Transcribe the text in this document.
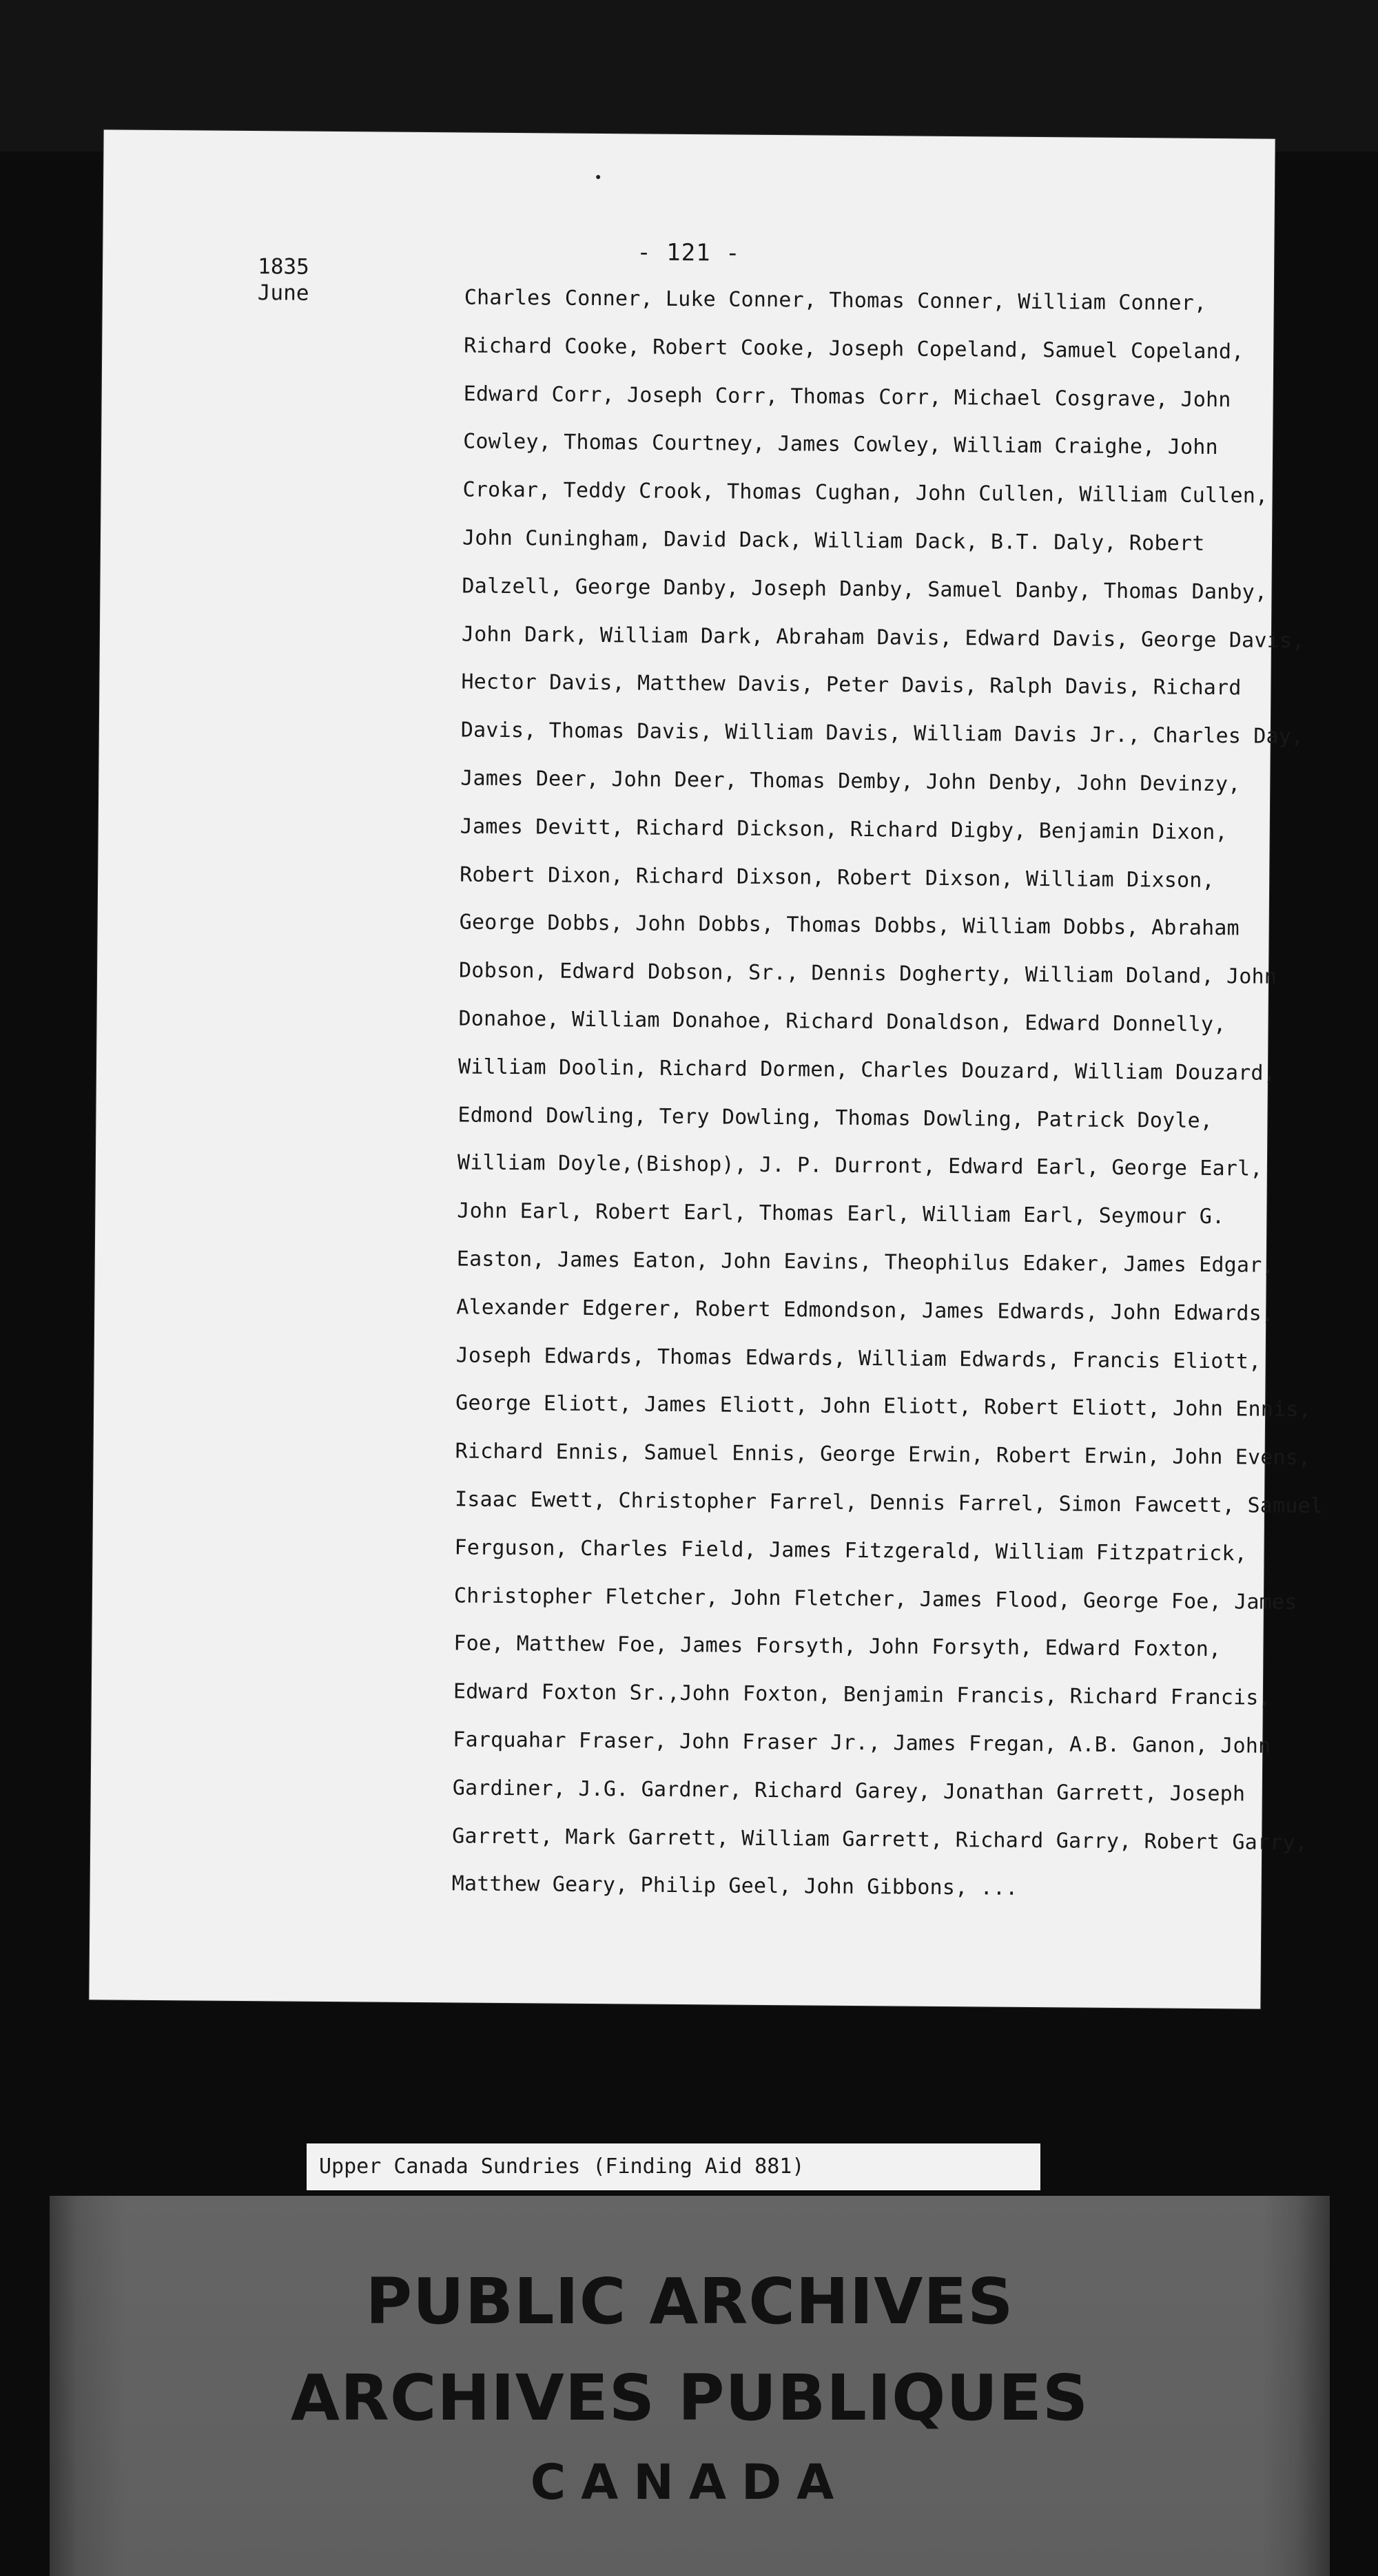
- 121 -
1835
June	Charles Conner, Luke Conner, Thomas Conner, William Conner,
Richard Cooke, Robert Cooke, Joseph Copeland, Samuel Copeland,
Edward Corr, Joseph Corr, Thomas Corr, Michael Cosgrave, John
Cowley, Thomas Courtney, James Cowley, William Craighe, John
Crokar, Teddy Crook, Thomas Cughan, John Cullen, William Cullen,
John Cuningham, David Dack, William Dack, B.T. Daly, Robert
Dalzell, George Danby, Joseph Danby, Samuel Danby, Thomas Danby,
John Dark, William Dark, Abraham Davis, Edward Davis, George Davis,
Hector Davis, Matthew Davis, Peter Davis, Ralph Davis, Richard
Davis, Thomas Davis, William Davis, William Davis Jr., Charles Day,
James Deer, John Deer, Thomas Demby, John Denby, John Devinzy,
James Devitt, Richard Dickson, Richard Digby, Benjamin Dixon,
Robert Dixon, Richard Dixson, Robert Dixson, William Dixson,
George Dobbs, John Dobbs, Thomas Dobbs, William Dobbs, Abraham
Dobson, Edward Dobson, Sr., Dennis Dogherty, William Doland, John
Donahoe, William Donahoe, Richard Donaldson, Edward Donnelly,
William Doolin, Richard Dormen, Charles Douzard, William Douzard,
Edmond Dowling, Tery Dowling, Thomas Dowling, Patrick Doyle,
William Doyle,(Bishop), J. P. Durront, Edward Earl, George Earl,
John Earl, Robert Earl, Thomas Earl, William Earl, Seymour G.
Easton, James Eaton, John Eavins, Theophilus Edaker, James Edgar,
Alexander Edgerer, Robert Edmondson, James Edwards, John Edwards,
Joseph Edwards, Thomas Edwards, William Edwards, Francis Eliott,
George Eliott, James Eliott, John Eliott, Robert Eliott, John Ennis,
Richard Ennis, Samuel Ennis, George Erwin, Robert Erwin, John Evens,
Isaac Ewett, Christopher Farrel, Dennis Farrel, Simon Fawcett, Samuel
Ferguson, Charles Field, James Fitzgerald, William Fitzpatrick,
Christopher Fletcher, John Fletcher, James Flood, George Foe, James
Foe, Matthew Foe, James Forsyth, John Forsyth, Edward Foxton,
Edward Foxton Sr.,John Foxton, Benjamin Francis, Richard Francis,
Farquahar Fraser, John Fraser Jr., James Fregan, A.B. Ganon, John
Gardiner, J.G. Gardner, Richard Garey, Jonathan Garrett, Joseph
Garrett, Mark Garrett, William Garrett, Richard Garry, Robert Garry,
Matthew Geary, Philip Geel, John Gibbons, ...
Upper Canada Sundries (Finding Aid 881)
PUBLIC ARCHIVES
ARCHIVES PUBLIQUES
CANADA
